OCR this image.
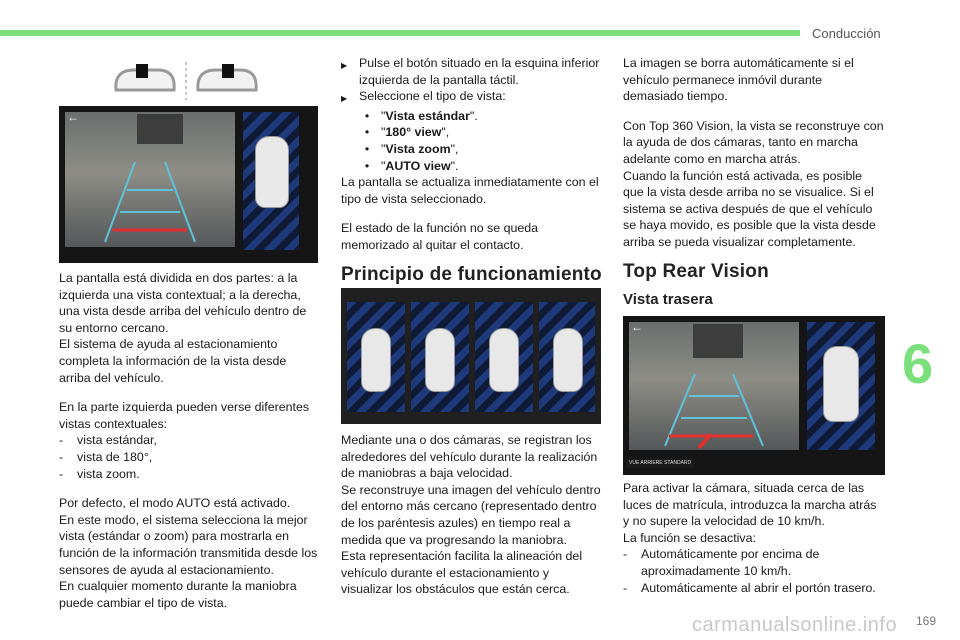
Conducción
6
←

La pantalla está dividida en dos partes: a la izquierda una vista contextual; a la derecha, una vista desde arriba del vehículo dentro de su entorno cercano.
El sistema de ayuda al estacionamiento completa la información de la vista desde arriba del vehículo.

En la parte izquierda pueden verse diferentes vistas contextuales:

-	vista estándar,
-	vista de 180°,
-	vista zoom.

Por defecto, el modo AUTO está activado.
En este modo, el sistema selecciona la mejor vista (estándar o zoom) para mostrarla en función de la información transmitida desde los sensores de ayuda al estacionamiento.
En cualquier momento durante la maniobra puede cambiar el tipo de vista.

▶ Pulse el botón situado en la esquina inferior izquierda de la pantalla táctil.
▶ Seleccione el tipo de vista:
• "Vista estándar".
• "180° view",
• "Vista zoom",
• "AUTO view".

La pantalla se actualiza inmediatamente con el tipo de vista seleccionado.

El estado de la función no se queda memorizado al quitar el contacto.

Principio de funcionamiento

Mediante una o dos cámaras, se registran los alrededores del vehículo durante la realización de maniobras a baja velocidad.
Se reconstruye una imagen del vehículo dentro del entorno más cercano (representado dentro de los paréntesis azules) en tiempo real a medida que va progresando la maniobra.
Esta representación facilita la alineación del vehículo durante el estacionamiento y visualizar los obstáculos que están cerca.

La imagen se borra automáticamente si el vehículo permanece inmóvil durante demasiado tiempo.

Con Top 360 Vision, la vista se reconstruye con la ayuda de dos cámaras, tanto en marcha adelante como en marcha atrás.
Cuando la función está activada, es posible que la vista desde arriba no se visualice. Si el sistema se activa después de que el vehículo se haya movido, es posible que la vista desde arriba se pueda visualizar completamente.

Top Rear Vision
Vista trasera
←
VUE ARRIERE STANDARD

Para activar la cámara, situada cerca de las luces de matrícula, introduzca la marcha atrás y no supere la velocidad de 10 km/h.
La función se desactiva:

-	Automáticamente por encima de aproximadamente 10 km/h.
-	Automáticamente al abrir el portón trasero.
carmanualsonline.info 169
